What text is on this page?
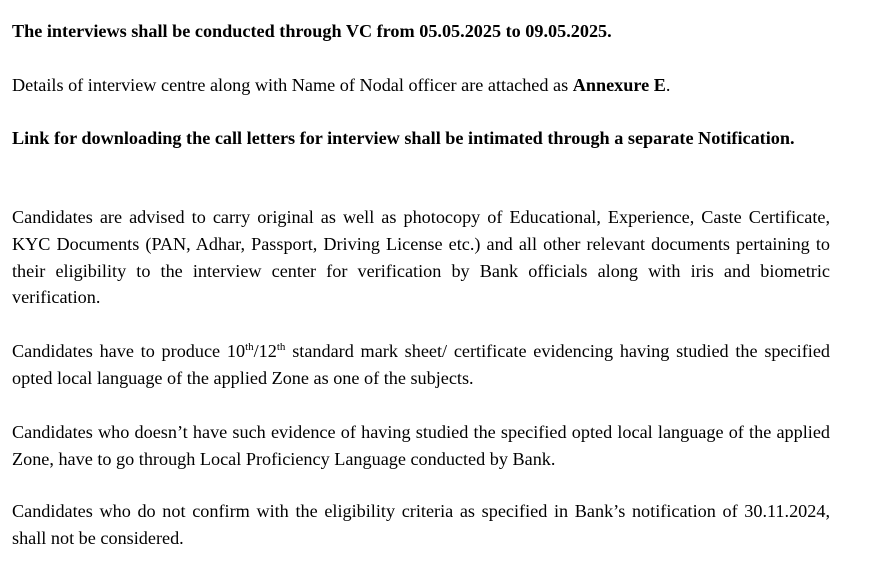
The interviews shall be conducted through VC from 05.05.2025 to 09.05.2025.

Details of interview centre along with Name of Nodal officer are attached as Annexure E.

Link for downloading the call letters for interview shall be intimated through a separate Notification.

Candidates are advised to carry original as well as photocopy of Educational, Experience, Caste Certificate, KYC Documents (PAN, Adhar, Passport, Driving License etc.) and all other relevant documents pertaining to their eligibility to the interview center for verification by Bank officials along with iris and biometric verification.

Candidates have to produce 10th/12th standard mark sheet/ certificate evidencing having studied the specified opted local language of the applied Zone as one of the subjects.

Candidates who doesn’t have such evidence of having studied the specified opted local language of the applied Zone, have to go through Local Proficiency Language conducted by Bank.

Candidates who do not confirm with the eligibility criteria as specified in Bank’s notification of 30.11.2024, shall not be considered.
